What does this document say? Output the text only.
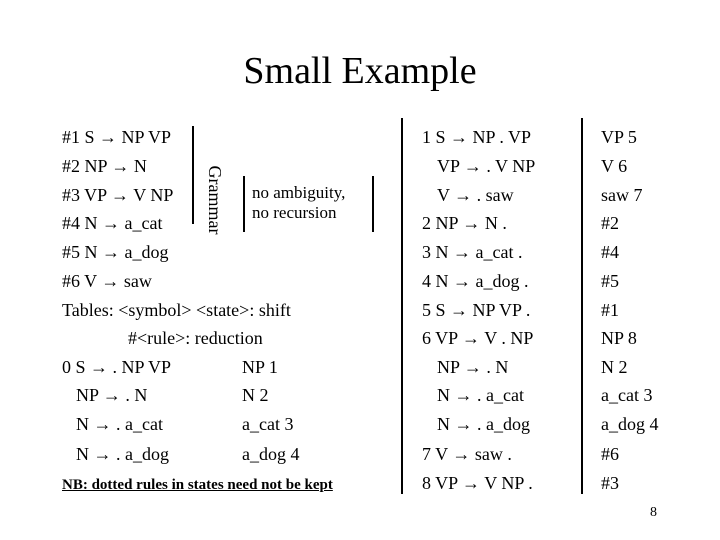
Small Example
#1 S → NP VP
#2 NP → N
#3 VP → V NP
#4 N → a_cat
#5 N → a_dog
#6 V → saw
Grammar no ambiguity,
no recursion
Tables: <symbol> <state>: shift
#<rule>: reduction
0 S → . NP VP
NP → . N
N → . a_cat
N → . a_dog
NP 1
N 2
a_cat 3
a_dog 4
NB: dotted rules in states need not be kept
1 S → NP . VP
VP → . V NP
V → . saw
2 NP → N .
3 N → a_cat .
4 N → a_dog .
5 S → NP VP .
6 VP → V . NP
NP → . N
N → . a_cat
N → . a_dog
7 V → saw .
8 VP → V NP .
VP 5
V 6
saw 7
#2
#4
#5
#1
NP 8
N 2
a_cat 3
a_dog 4
#6
#3
8
